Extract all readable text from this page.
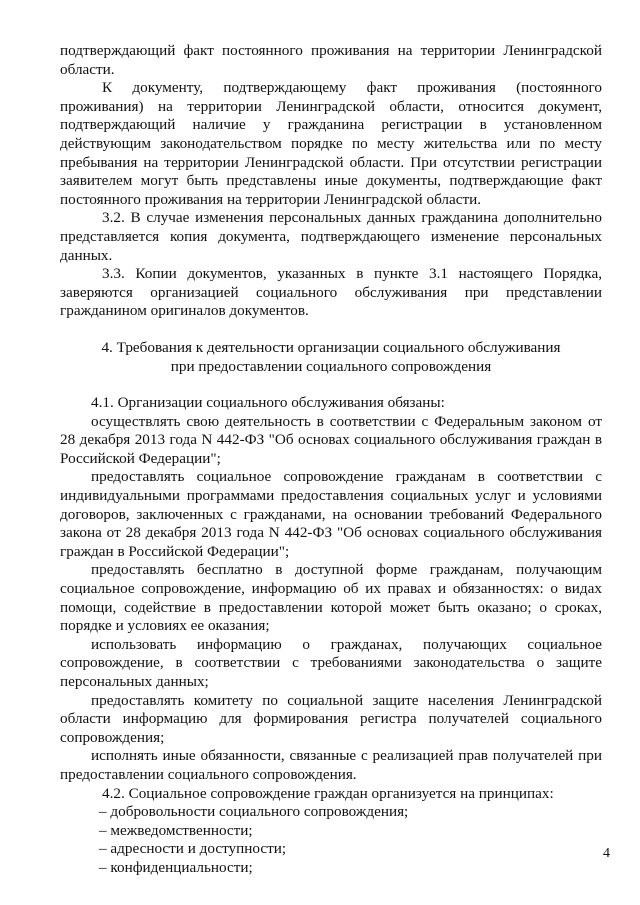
подтверждающий факт постоянного проживания на территории Ленинградской области.

К документу, подтверждающему факт проживания (постоянного проживания) на территории Ленинградской области, относится документ, подтверждающий наличие у гражданина регистрации в установленном действующим законодательством порядке по месту жительства или по месту пребывания на территории Ленинградской области. При отсутствии регистрации заявителем могут быть представлены иные документы, подтверждающие факт постоянного проживания на территории Ленинградской области.

3.2. В случае изменения персональных данных гражданина дополнительно представляется копия документа, подтверждающего изменение персональных данных.

3.3. Копии документов, указанных в пункте 3.1 настоящего Порядка, заверяются организацией социального обслуживания при представлении гражданином оригиналов документов.

4. Требования к деятельности организации социального обслуживания
при предоставлении социального сопровождения

4.1. Организации социального обслуживания обязаны:

осуществлять свою деятельность в соответствии с Федеральным законом от 28 декабря 2013 года N 442-ФЗ "Об основах социального обслуживания граждан в Российской Федерации";

предоставлять социальное сопровождение гражданам в соответствии с индивидуальными программами предоставления социальных услуг и условиями договоров, заключенных с гражданами, на основании требований Федерального закона от 28 декабря 2013 года N 442-ФЗ "Об основах социального обслуживания граждан в Российской Федерации";

предоставлять бесплатно в доступной форме гражданам, получающим социальное сопровождение, информацию об их правах и обязанностях: о видах помощи, содействие в предоставлении которой может быть оказано; о сроках, порядке и условиях ее оказания;

использовать информацию о гражданах, получающих социальное сопровождение, в соответствии с требованиями законодательства о защите персональных данных;

предоставлять комитету по социальной защите населения Ленинградской области информацию для формирования регистра получателей социального сопровождения;

исполнять иные обязанности, связанные с реализацией прав получателей при предоставлении социального сопровождения.

4.2. Социальное сопровождение граждан организуется на принципах:

– добровольности социального сопровождения;

– межведомственности;

– адресности и доступности;

– конфиденциальности;

4
